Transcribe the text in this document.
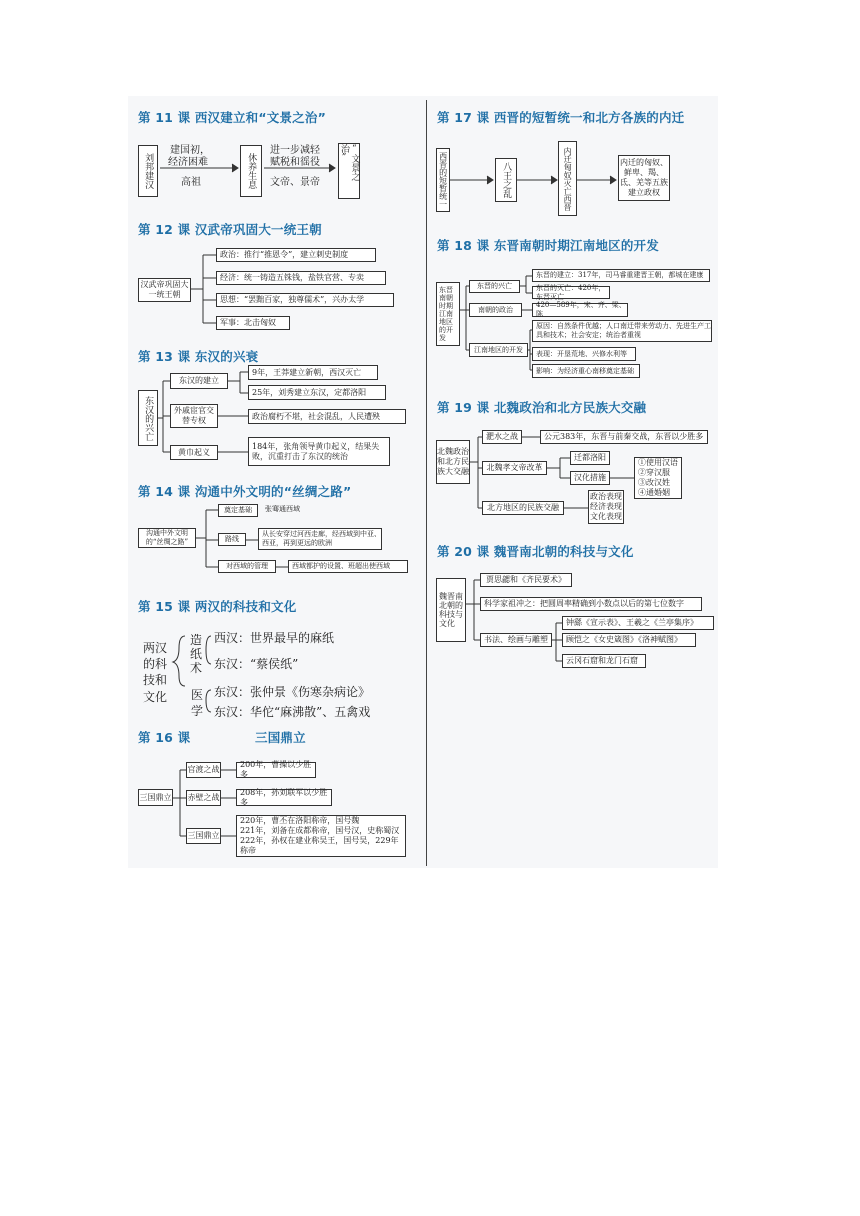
第 11 课 西汉建立和“文景之治”
刘邦建汉
建国初，
经济困难
高祖	休养生息
进一步减轻
赋税和徭役
文帝、景帝
“文景之治”
第 12 课 汉武帝巩固大一统王朝
汉武帝巩固大一统王朝
政治：推行“推恩令”，建立刺史制度
经济：统一铸造五铢钱，盐铁官营、专卖
思想：“罢黜百家，独尊儒术”，兴办太学
军事：北击匈奴
第 13 课 东汉的兴衰
东汉的兴亡
东汉的建立
9年，王莽建立新朝，西汉灭亡
25年，刘秀建立东汉，定都洛阳
外戚宦官交替专权	政治腐朽不堪，社会混乱，人民遭殃
黄巾起义
184年，张角领导黄巾起义，结果失败，沉重打击了东汉的统治
第 14 课 沟通中外文明的“丝绸之路”
沟通中外文明的“丝绸之路”
奠定基础	张骞通西域
路线
从长安穿过河西走廊，经西域到中亚、西亚，再到更远的欧洲
对西域的管理	西域都护的设置、班超出使西域
第 15 课 两汉的科技和文化
两汉的科技和文化
造纸术
西汉：世界最早的麻纸
东汉：“蔡侯纸”
医学
东汉：张仲景《伤寒杂病论》
东汉：华佗“麻沸散”、五禽戏
第 16 课	三国鼎立
三国鼎立
官渡之战
200年，曹操以少胜多
赤壁之战
208年，孙刘联军以少胜多
三国鼎立
220年，曹丕在洛阳称帝，国号魏
221年，刘备在成都称帝，国号汉，史称蜀汉
222年，孙权在建业称吴王，国号吴，229年称帝
第 17 课 西晋的短暂统一和北方各族的内迁
西晋的短暂统一	八王之乱	内迁匈奴灭亡西晋	内迁的匈奴、鲜卑、羯、氐、羌等五族建立政权
第 18 课 东晋南朝时期江南地区的开发
东晋南朝时期江南地区的开发
东晋的兴亡
东晋的建立：317年，司马睿重建晋王朝，都城在建康
东晋的灭亡：420年，东晋灭亡
南朝的政治
420—589年，宋、齐、梁、陈
江南地区的开发
原因：自然条件优越；人口南迁带来劳动力、先进生产工具和技术；社会安定；统治者重视
表现：开垦荒地、兴修水利等
影响：为经济重心南移奠定基础
第 19 课 北魏政治和北方民族大交融
北魏政治和北方民族大交融
淝水之战	公元383年，东晋与前秦交战，东晋以少胜多
北魏孝文帝改革
迁都洛阳
汉化措施
①使用汉语
②穿汉服
③改汉姓
④通婚姻
北方地区的民族交融
政治表现
经济表现
文化表现
第 20 课 魏晋南北朝的科技与文化
魏晋南北朝的科技与文化
贾思勰和《齐民要术》
科学家祖冲之：把圆周率精确到小数点以后的第七位数字
书法、绘画与雕塑
钟繇《宣示表》、王羲之《兰亭集序》
顾恺之《女史箴图》《洛神赋图》
云冈石窟和龙门石窟
